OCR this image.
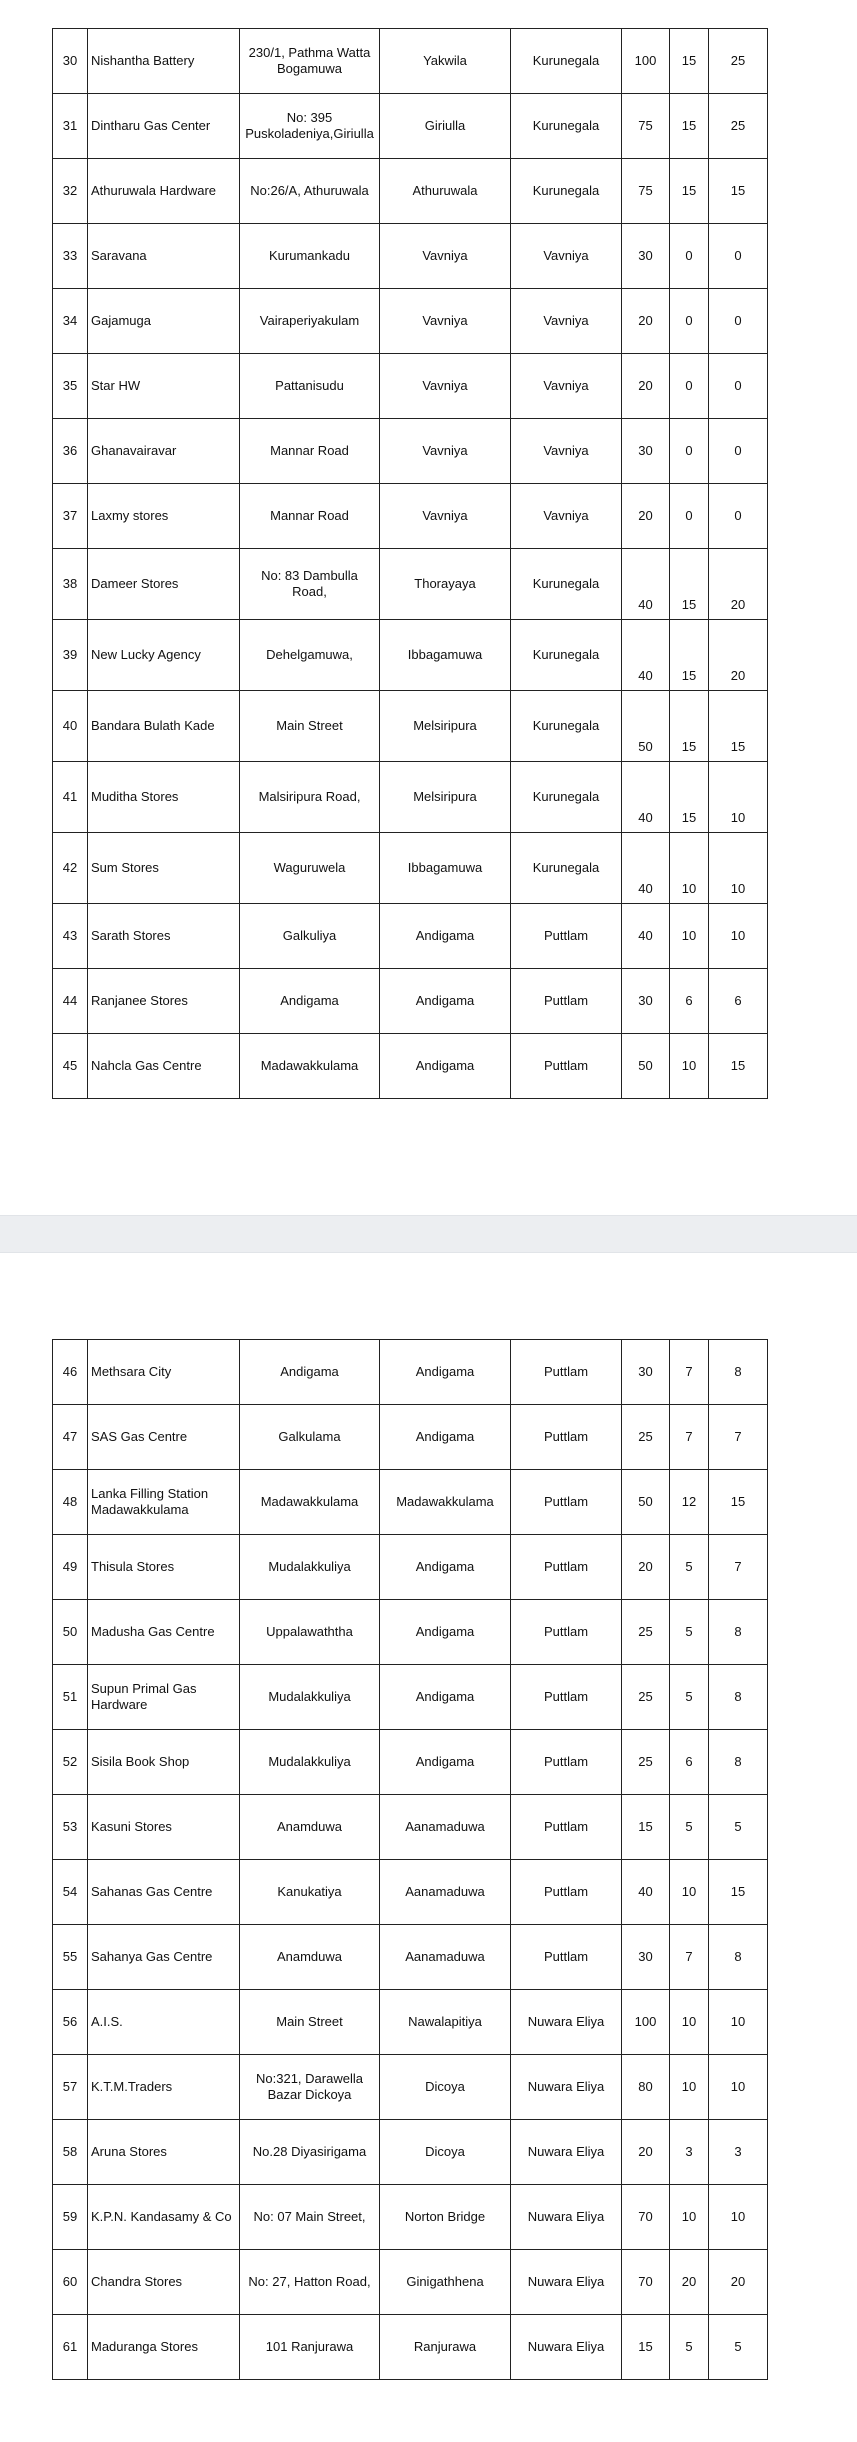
30	Nishantha Battery	230/1, Pathma Watta Bogamuwa	Yakwila	Kurunegala	100	15	25
31	Dintharu Gas Center	No: 395 Puskoladeniya,Giriulla	Giriulla	Kurunegala	75	15	25
32	Athuruwala Hardware	No:26/A, Athuruwala	Athuruwala	Kurunegala	75	15	15
33	Saravana	Kurumankadu	Vavniya	Vavniya	30	0	0
34	Gajamuga	Vairaperiyakulam	Vavniya	Vavniya	20	0	0
35	Star HW	Pattanisudu	Vavniya	Vavniya	20	0	0
36	Ghanavairavar	Mannar Road	Vavniya	Vavniya	30	0	0
37	Laxmy stores	Mannar Road	Vavniya	Vavniya	20	0	0
38	Dameer Stores	No: 83 Dambulla Road,	Thorayaya	Kurunegala	40	15	20
39	New Lucky Agency	Dehelgamuwa,	Ibbagamuwa	Kurunegala	40	15	20
40	Bandara Bulath Kade	Main Street	Melsiripura	Kurunegala	50	15	15
41	Muditha Stores	Malsiripura Road,	Melsiripura	Kurunegala	40	15	10
42	Sum Stores	Waguruwela	Ibbagamuwa	Kurunegala	40	10	10
43	Sarath Stores	Galkuliya	Andigama	Puttlam	40	10	10
44	Ranjanee Stores	Andigama	Andigama	Puttlam	30	6	6
45	Nahcla Gas Centre	Madawakkulama	Andigama	Puttlam	50	10	15
46	Methsara City	Andigama	Andigama	Puttlam	30	7	8
47	SAS Gas Centre	Galkulama	Andigama	Puttlam	25	7	7
48	Lanka Filling Station Madawakkulama	Madawakkulama	Madawakkulama	Puttlam	50	12	15
49	Thisula Stores	Mudalakkuliya	Andigama	Puttlam	20	5	7
50	Madusha Gas Centre	Uppalawaththa	Andigama	Puttlam	25	5	8
51	Supun Primal Gas Hardware	Mudalakkuliya	Andigama	Puttlam	25	5	8
52	Sisila Book Shop	Mudalakkuliya	Andigama	Puttlam	25	6	8
53	Kasuni Stores	Anamduwa	Aanamaduwa	Puttlam	15	5	5
54	Sahanas Gas Centre	Kanukatiya	Aanamaduwa	Puttlam	40	10	15
55	Sahanya Gas Centre	Anamduwa	Aanamaduwa	Puttlam	30	7	8
56	A.I.S.	Main Street	Nawalapitiya	Nuwara Eliya	100	10	10
57	K.T.M.Traders	No:321, Darawella Bazar Dickoya	Dicoya	Nuwara Eliya	80	10	10
58	Aruna Stores	No.28 Diyasirigama	Dicoya	Nuwara Eliya	20	3	3
59	K.P.N. Kandasamy & Co	No: 07 Main Street,	Norton Bridge	Nuwara Eliya	70	10	10
60	Chandra Stores	No: 27, Hatton Road,	Ginigathhena	Nuwara Eliya	70	20	20
61	Maduranga Stores	101 Ranjurawa	Ranjurawa	Nuwara Eliya	15	5	5
